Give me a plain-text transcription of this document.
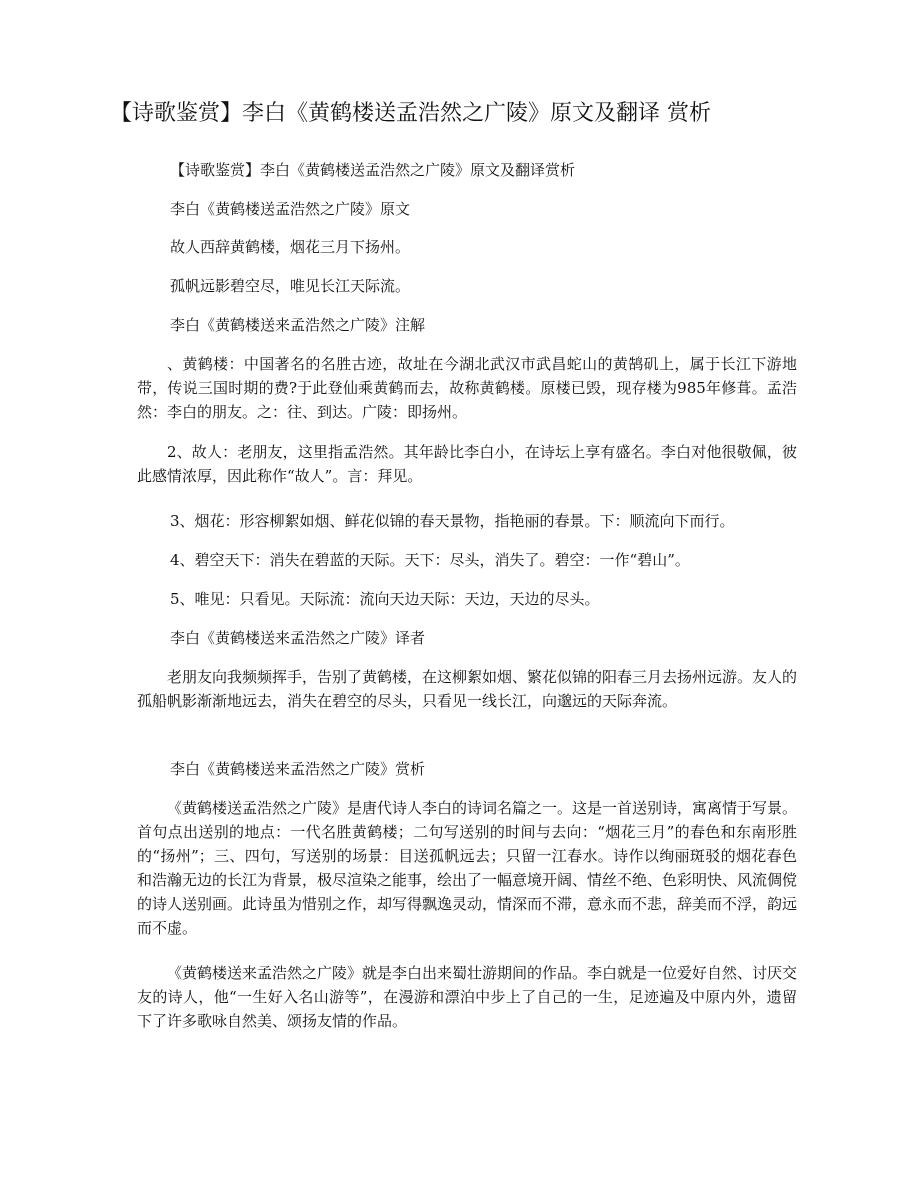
【诗歌鉴赏】李白《黄鹤楼送孟浩然之广陵》原文及翻译 赏析
【诗歌鉴赏】李白《黄鹤楼送孟浩然之广陵》原文及翻译赏析
李白《黄鹤楼送孟浩然之广陵》原文
故人西辞黄鹤楼，烟花三月下扬州。
孤帆远影碧空尽，唯见长江天际流。
李白《黄鹤楼送来孟浩然之广陵》注解
、黄鹤楼：中国著名的名胜古迹，故址在今湖北武汉市武昌蛇山的黄鹄矶上，属于长江下游地带，传说三国时期的费?于此登仙乘黄鹤而去，故称黄鹤楼。原楼已毁，现存楼为985年修葺。孟浩然：李白的朋友。之：往、到达。广陵：即扬州。
2、故人：老朋友，这里指孟浩然。其年龄比李白小，在诗坛上享有盛名。李白对他很敬佩，彼此感情浓厚，因此称作“故人”。言：拜见。
3、烟花：形容柳絮如烟、鲜花似锦的春天景物，指艳丽的春景。下：顺流向下而行。
4、碧空天下：消失在碧蓝的天际。天下：尽头，消失了。碧空：一作“碧山”。
5、唯见：只看见。天际流：流向天边天际：天边，天边的尽头。
李白《黄鹤楼送来孟浩然之广陵》译者
老朋友向我频频挥手，告别了黄鹤楼，在这柳絮如烟、繁花似锦的阳春三月去扬州远游。友人的孤船帆影渐渐地远去，消失在碧空的尽头，只看见一线长江，向邈远的天际奔流。
李白《黄鹤楼送来孟浩然之广陵》赏析
《黄鹤楼送孟浩然之广陵》是唐代诗人李白的诗词名篇之一。这是一首送别诗，寓离情于写景。首句点出送别的地点：一代名胜黄鹤楼；二句写送别的时间与去向：“烟花三月”的春色和东南形胜的“扬州”；三、四句，写送别的场景：目送孤帆远去；只留一江春水。诗作以绚丽斑驳的烟花春色和浩瀚无边的长江为背景，极尽渲染之能事，绘出了一幅意境开阔、情丝不绝、色彩明快、风流倜傥的诗人送别画。此诗虽为惜别之作，却写得飘逸灵动，情深而不滞，意永而不悲，辞美而不浮，韵远而不虚。
《黄鹤楼送来孟浩然之广陵》就是李白出来蜀壮游期间的作品。李白就是一位爱好自然、讨厌交友的诗人，他“一生好入名山游等”，在漫游和漂泊中步上了自己的一生，足迹遍及中原内外，遗留下了许多歌咏自然美、颂扬友情的作品。
